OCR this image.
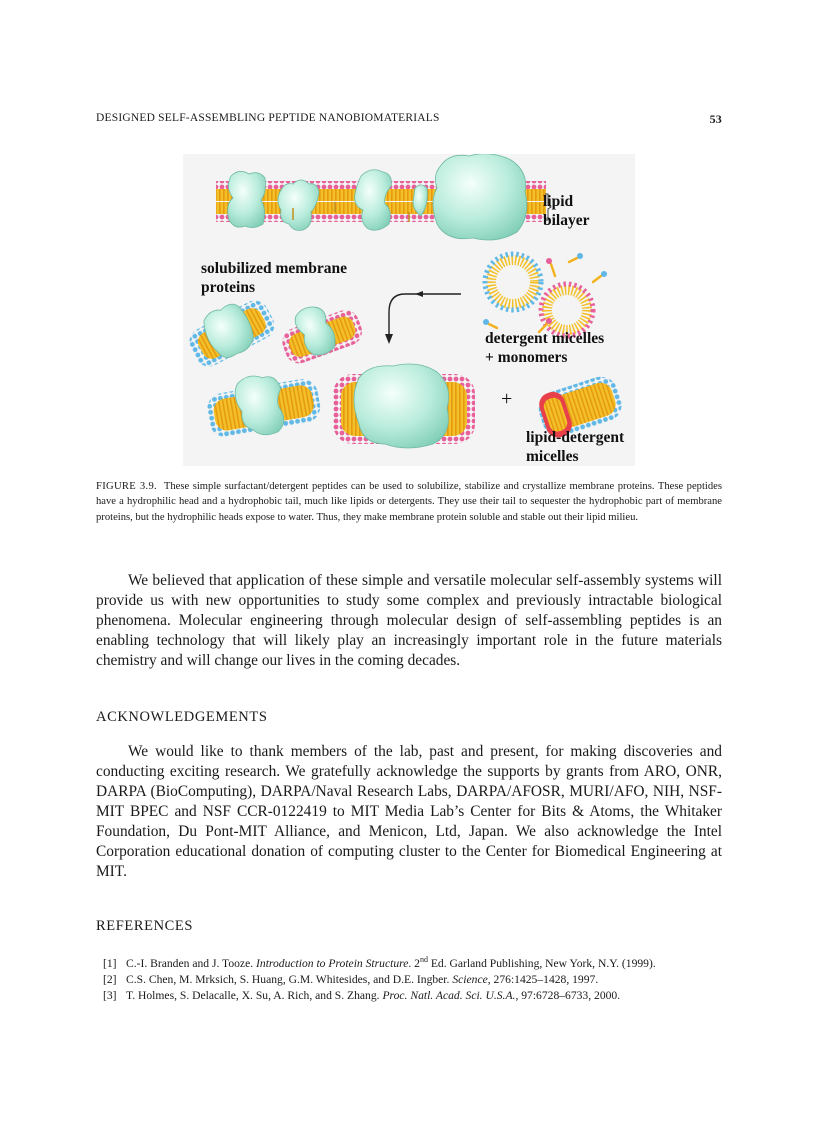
DESIGNED SELF-ASSEMBLING PEPTIDE NANOBIOMATERIALS	53
lipid
bilayer
solubilized membrane
proteins
detergent micelles
+ monomers
+
lipid-detergent
micelles
FIGURE 3.9. These simple surfactant/detergent peptides can be used to solubilize, stabilize and crystallize membrane proteins. These peptides have a hydrophilic head and a hydrophobic tail, much like lipids or detergents. They use their tail to sequester the hydrophobic part of membrane proteins, but the hydrophilic heads expose to water. Thus, they make membrane protein soluble and stable out their lipid milieu.
We believed that application of these simple and versatile molecular self-assembly systems will provide us with new opportunities to study some complex and previously intractable biological phenomena. Molecular engineering through molecular design of self-assembling peptides is an enabling technology that will likely play an increasingly important role in the future materials chemistry and will change our lives in the coming decades.
ACKNOWLEDGEMENTS
We would like to thank members of the lab, past and present, for making discoveries and conducting exciting research. We gratefully acknowledge the supports by grants from ARO, ONR, DARPA (BioComputing), DARPA/Naval Research Labs, DARPA/AFOSR, MURI/AFO, NIH, NSF-MIT BPEC and NSF CCR-0122419 to MIT Media Lab’s Center for Bits & Atoms, the Whitaker Foundation, Du Pont-MIT Alliance, and Menicon, Ltd, Japan. We also acknowledge the Intel Corporation educational donation of computing cluster to the Center for Biomedical Engineering at MIT.
REFERENCES
[1] C.-I. Branden and J. Tooze. Introduction to Protein Structure. 2nd Ed. Garland Publishing, New York, N.Y. (1999).
[2] C.S. Chen, M. Mrksich, S. Huang, G.M. Whitesides, and D.E. Ingber. Science, 276:1425–1428, 1997.
[3] T. Holmes, S. Delacalle, X. Su, A. Rich, and S. Zhang. Proc. Natl. Acad. Sci. U.S.A., 97:6728–6733, 2000.
